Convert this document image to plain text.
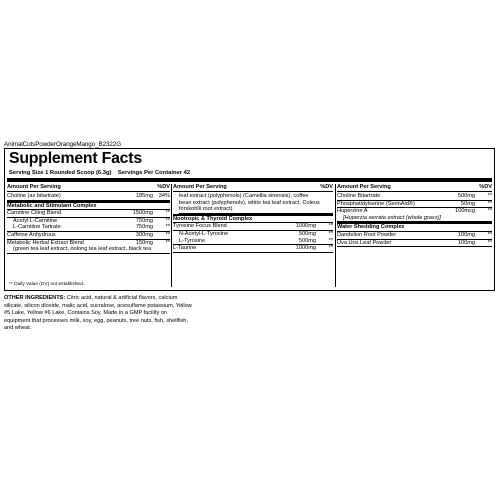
AnimalCutsPowderOrangeMango_B2322G
Supplement Facts
Serving Size 1 Rounded Scoop (6.3g) Servings Per Container 42
Amount Per Serving	%DV
Choline (as bitartrate)	185mg	34%
Metabolic and Stimulant Complex
Carnitine Citing Blend	1500mg	**
Acetyl L-Carnitine	750mg	**
L-Carnitine Tartrate	750mg	**
Caffeine Anhydrous	300mg	**
Metabolic Herbal Extract Blend	150mg	**
(green tea leaf extract, oolong tea leaf extract, black tea
Amount Per Serving	%DV
leaf extract (polyphenols) (Camellia sinensis), coffee
bean extract (polyphenols), white tea leaf extract, Coleus
forskohlii root extract)
Nootropic & Thyroid Complex
Tyrosine Focus Blend	1000mg	**
N-Acetyl-L-Tyrosine	500mg	**
L-Tyrosine	500mg	**
L-Taurine	1000mg	**
Amount Per Serving	%DV
Choline Bitartrate	500mg	**
Phosphatidylserine (SerinAid®)	50mg	**
Huperzine A	100mcg	**
[Huperzia serrata extract (whole grass)]
Water Shedding Complex
Dandelion Root Powder	100mg	**
Uva Ursi Leaf Powder	100mg	**
** Daily Value (DV) not established.
OTHER INGREDIENTS: Citric acid, natural & artificial flavors, calcium silicate, silicon dioxide, malic acid, sucralose, acesulfame potassium, Yellow #5 Lake, Yellow #6 Lake. Contains Soy. Made in a GMP facility on equipment that processes milk, soy, egg, peanuts, tree nuts, fish, shellfish, and wheat.
